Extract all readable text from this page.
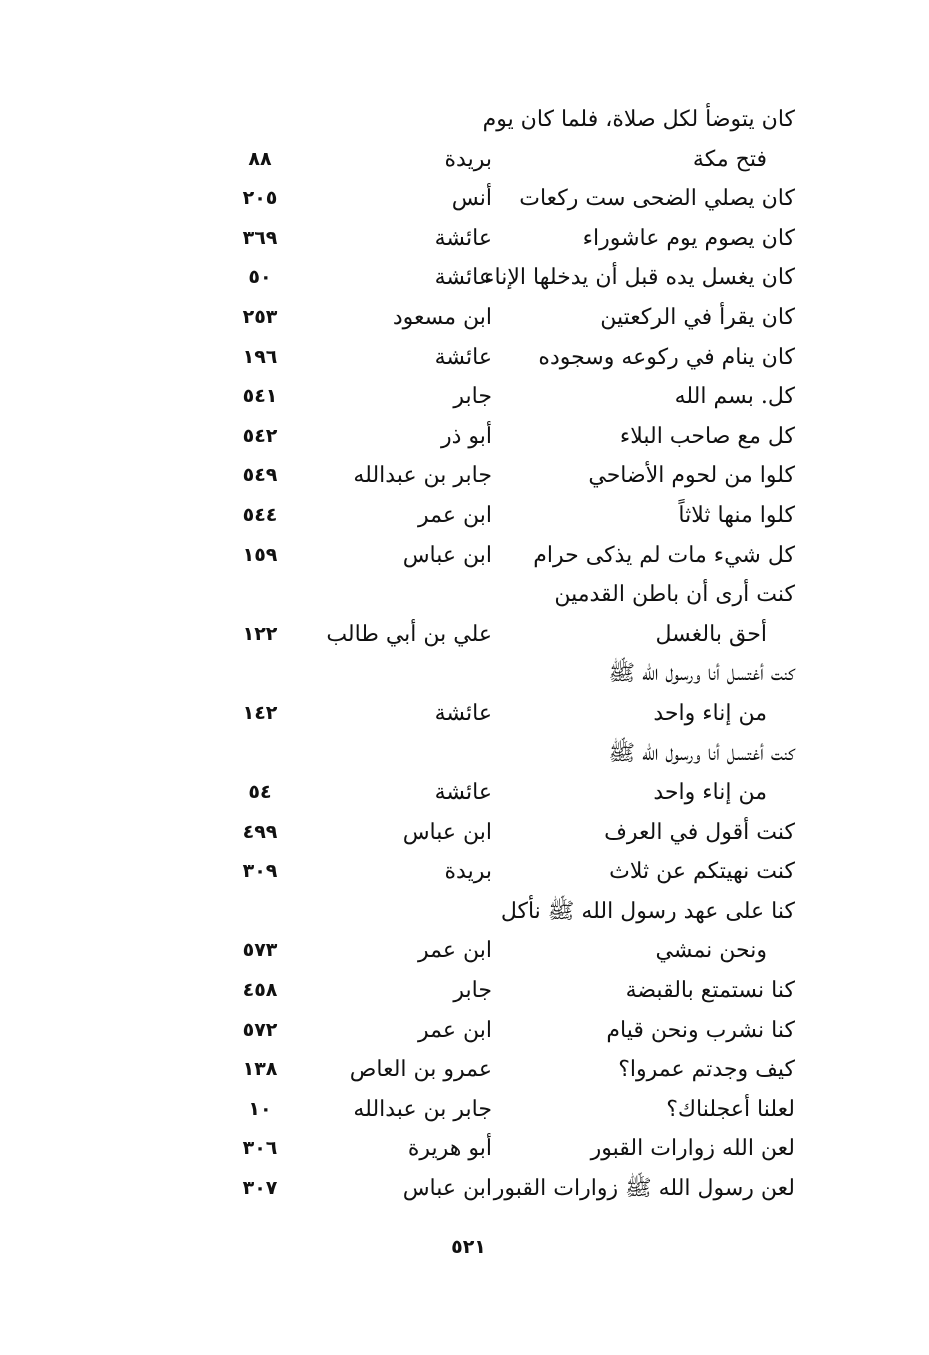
كان يتوضأ لكل صلاة، فلما كان يوم
فتح مكة
بريدة
٨٨
كان يصلي الضحى ست ركعات
أنس
٢٠٥
كان يصوم يوم عاشوراء
عائشة
٣٦٩
كان يغسل يده قبل أن يدخلها الإناء
عائشة
٥٠
كان يقرأ في الركعتين
ابن مسعود
٢٥٣
كان ينام في ركوعه وسجوده
عائشة
١٩٦
كل. بسم الله
جابر
٥٤١
كل مع صاحب البلاء
أبو ذر
٥٤٢
كلوا من لحوم الأضاحي
جابر بن عبدالله
٥٤٩
كلوا منها ثلاثاً
ابن عمر
٥٤٤
كل شيء مات لم يذكى حرام
ابن عباس
١٥٩
كنت أرى أن باطن القدمين
أحق بالغسل
علي بن أبي طالب
١٢٢
كنت أغتسل أنا ورسول الله ﷺ
من إناء واحد
عائشة
١٤٢
كنت أغتسل أنا ورسول الله ﷺ
من إناء واحد
عائشة
٥٤
كنت أقول في العرف
ابن عباس
٤٩٩
كنت نهيتكم عن ثلاث
بريدة
٣٠٩
كنا على عهد رسول الله ﷺ نأكل
ونحن نمشي
ابن عمر
٥٧٣
كنا نستمتع بالقبضة
جابر
٤٥٨
كنا نشرب ونحن قيام
ابن عمر
٥٧٢
كيف وجدتم عمروا؟
عمرو بن العاص
١٣٨
لعلنا أعجلناك؟
جابر بن عبدالله
١٠
لعن الله زوارات القبور
أبو هريرة
٣٠٦
لعن رسول الله ﷺ زوارات القبور
ابن عباس
٣٠٧
٥٢١
